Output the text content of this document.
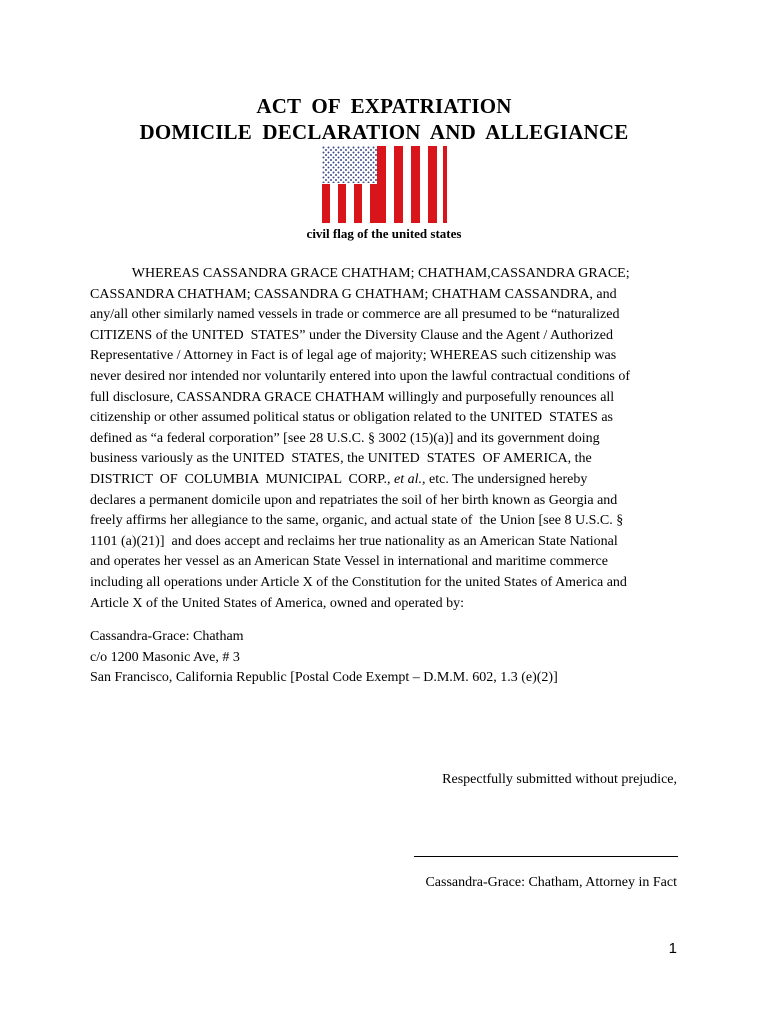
ACT OF EXPATRIATION
DOMICILE DECLARATION AND ALLEGIANCE
civil flag of the united states
WHEREAS CASSANDRA GRACE CHATHAM; CHATHAM,CASSANDRA GRACE;
CASSANDRA CHATHAM; CASSANDRA G CHATHAM; CHATHAM CASSANDRA, and
any/all other similarly named vessels in trade or commerce are all presumed to be “naturalized
CITIZENS of the UNITED  STATES” under the Diversity Clause and the Agent / Authorized
Representative / Attorney in Fact is of legal age of majority; WHEREAS such citizenship was
never desired nor intended nor voluntarily entered into upon the lawful contractual conditions of
full disclosure, CASSANDRA GRACE CHATHAM willingly and purposefully renounces all
citizenship or other assumed political status or obligation related to the UNITED  STATES as
defined as “a federal corporation” [see 28 U.S.C. § 3002 (15)(a)] and its government doing
business variously as the UNITED  STATES, the UNITED  STATES  OF AMERICA, the
DISTRICT  OF  COLUMBIA  MUNICIPAL  CORP., et al., etc. The undersigned hereby
declares a permanent domicile upon and repatriates the soil of her birth known as Georgia and
freely affirms her allegiance to the same, organic, and actual state of  the Union [see 8 U.S.C. §
1101 (a)(21)]  and does accept and reclaims her true nationality as an American State National
and operates her vessel as an American State Vessel in international and maritime commerce
including all operations under Article X of the Constitution for the united States of America and
Article X of the United States of America, owned and operated by:
Cassandra-Grace: Chatham
c/o 1200 Masonic Ave, # 3
San Francisco, California Republic [Postal Code Exempt – D.M.M. 602, 1.3 (e)(2)]
Respectfully submitted without prejudice,
Cassandra-Grace: Chatham, Attorney in Fact
1
